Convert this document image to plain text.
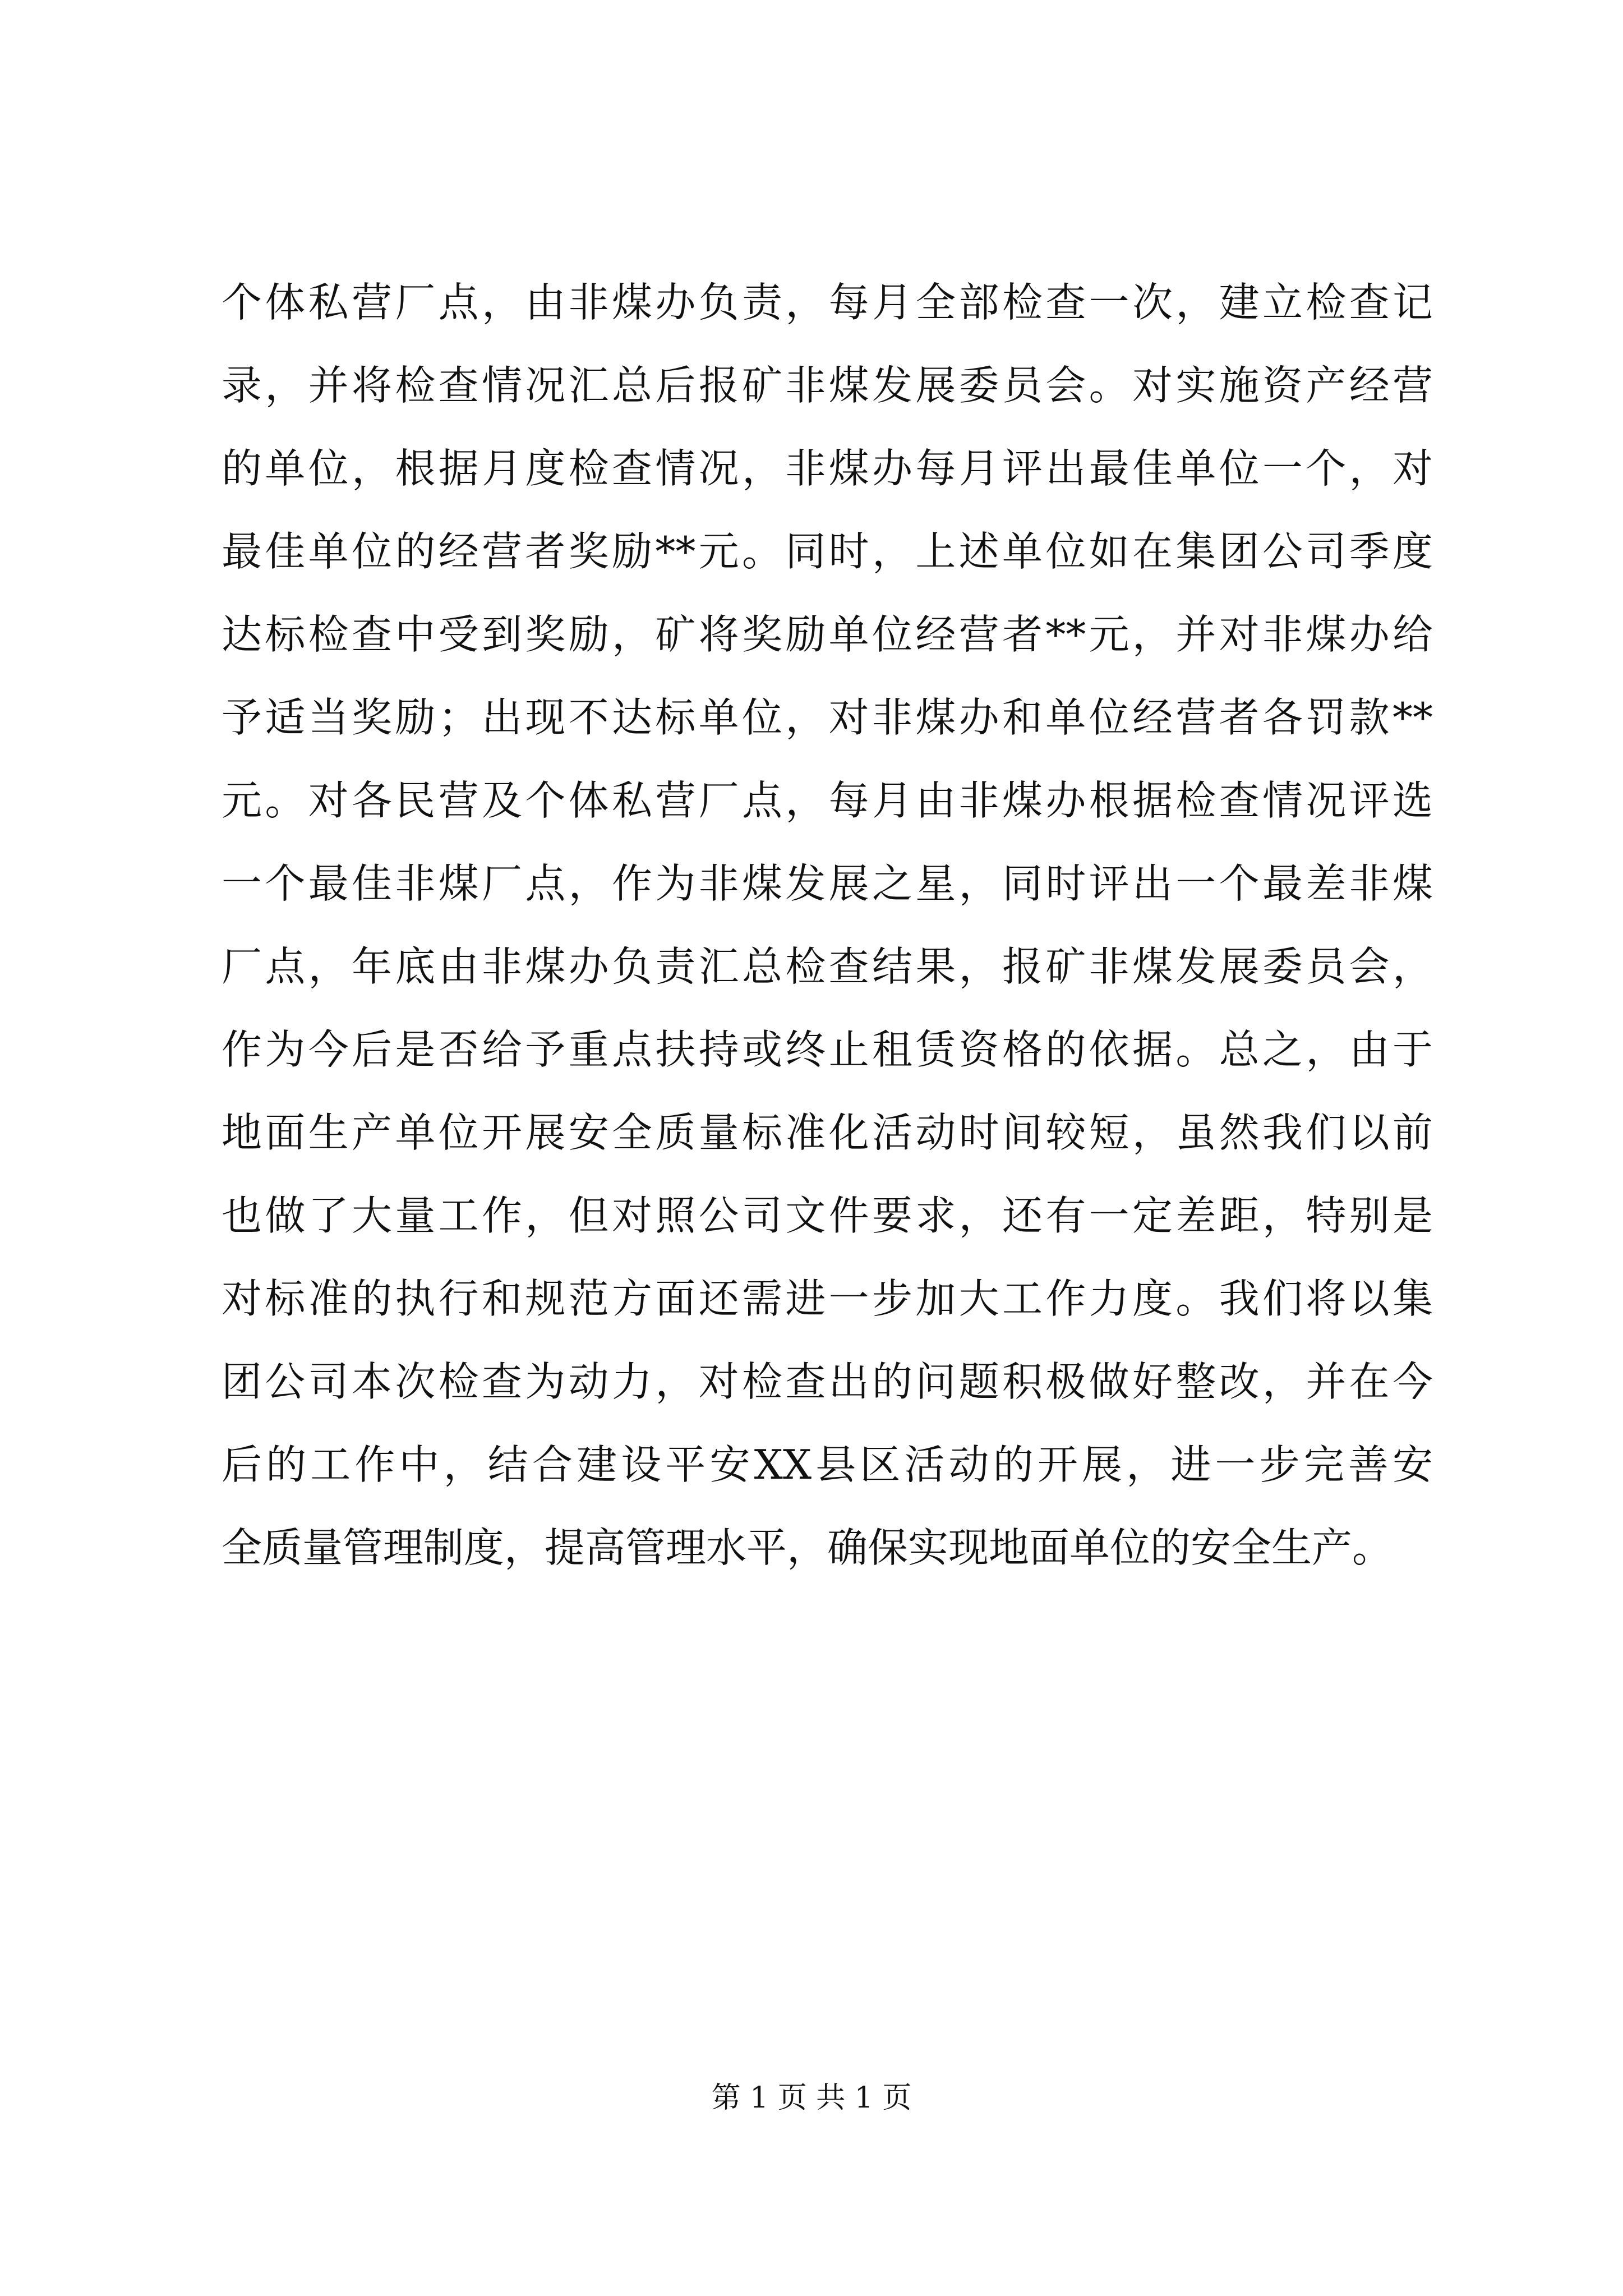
个体私营厂点，由非煤办负责，每月全部检查一次，建立检查记
录，并将检查情况汇总后报矿非煤发展委员会。对实施资产经营
的单位，根据月度检查情况，非煤办每月评出最佳单位一个，对
最佳单位的经营者奖励**元。同时，上述单位如在集团公司季度
达标检查中受到奖励，矿将奖励单位经营者**元，并对非煤办给
予适当奖励；出现不达标单位，对非煤办和单位经营者各罚款**
元。对各民营及个体私营厂点，每月由非煤办根据检查情况评选
一个最佳非煤厂点，作为非煤发展之星，同时评出一个最差非煤
厂点，年底由非煤办负责汇总检查结果，报矿非煤发展委员会，
作为今后是否给予重点扶持或终止租赁资格的依据。总之，由于
地面生产单位开展安全质量标准化活动时间较短，虽然我们以前
也做了大量工作，但对照公司文件要求，还有一定差距，特别是
对标准的执行和规范方面还需进一步加大工作力度。我们将以集
团公司本次检查为动力，对检查出的问题积极做好整改，并在今
后的工作中，结合建设平安XX县区活动的开展，进一步完善安
全质量管理制度，提高管理水平，确保实现地面单位的安全生产。
第 1 页 共 1 页
